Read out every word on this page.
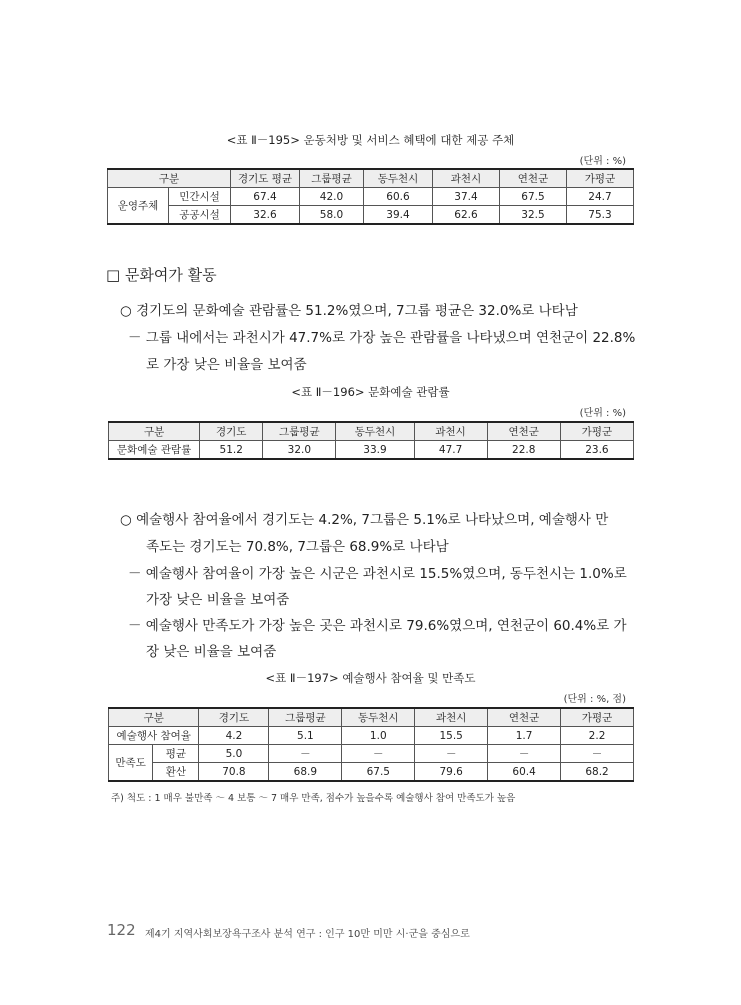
<표 Ⅱ－195> 운동처방 및 서비스 혜택에 대한 제공 주체
(단위 : %)
구분		경기도 평균	그룹평균	동두천시	과천시	연천군	가평군
운영주체	민간시설	67.4	42.0	60.6	37.4	67.5	24.7
	공공시설	32.6	58.0	39.4	62.6	32.5	75.3
□ 문화여가 활동
○ 경기도의 문화예술 관람률은 51.2%였으며, 7그룹 평균은 32.0%로 나타남
－ 그룹 내에서는 과천시가 47.7%로 가장 높은 관람률을 나타냈으며 연천군이 22.8%
로 가장 낮은 비율을 보여줌
<표 Ⅱ－196> 문화예술 관람률
(단위 : %)
구분	경기도	그룹평균	동두천시	과천시	연천군	가평군
문화예술 관람률	51.2	32.0	33.9	47.7	22.8	23.6
○ 예술행사 참여율에서 경기도는 4.2%, 7그룹은 5.1%로 나타났으며, 예술행사 만
족도는 경기도는 70.8%, 7그룹은 68.9%로 나타남
－ 예술행사 참여율이 가장 높은 시군은 과천시로 15.5%였으며, 동두천시는 1.0%로
가장 낮은 비율을 보여줌
－ 예술행사 만족도가 가장 높은 곳은 과천시로 79.6%였으며, 연천군이 60.4%로 가
장 낮은 비율을 보여줌
<표 Ⅱ－197> 예술행사 참여율 및 만족도
(단위 : %, 점)
구분		경기도	그룹평균	동두천시	과천시	연천군	가평군
예술행사 참여율		4.2	5.1	1.0	15.5	1.7	2.2
만족도	평균	5.0	－	－	－	－	－
	환산	70.8	68.9	67.5	79.6	60.4	68.2
주) 척도 : 1 매우 불만족 ～ 4 보통 ～ 7 매우 만족, 점수가 높을수록 예술행사 참여 만족도가 높음
122 제4기 지역사회보장욕구조사 분석 연구 : 인구 10만 미만 시·군을 중심으로
